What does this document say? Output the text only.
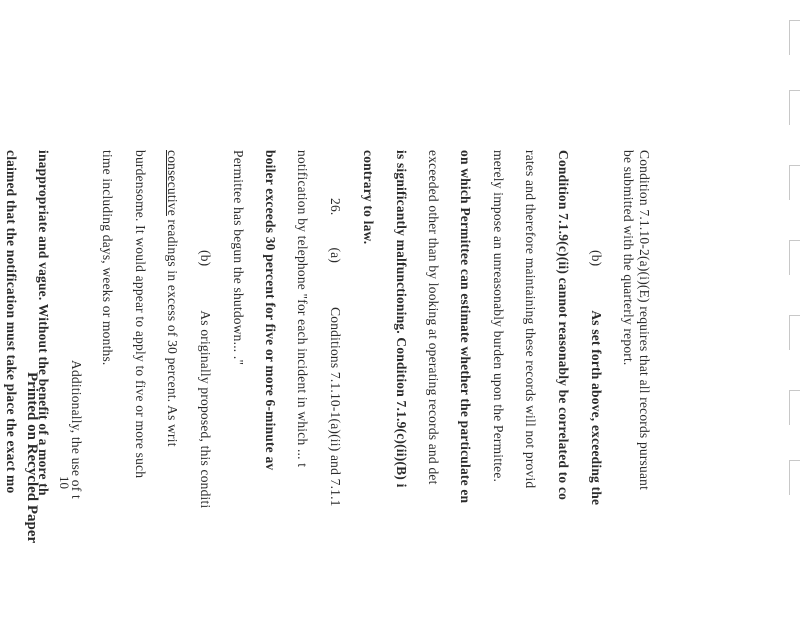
Condition 7.1.10-2(a)(i)(E) requires that all records pursuant
be submitted with the quarterly report.
(b)As set forth above, exceeding the
Condition 7.1.9(c)(ii) cannot reasonably be correlated to co
rates and therefore maintaining these records will not provid
merely impose an unreasonably burden upon the Permittee.
on which Permittee can estimate whether the particulate en
exceeded other than by looking at operating records and det
is significantly malfunctioning. Condition 7.1.9(c)(ii)(B) i
contrary to law.
26.(a)Conditions 7.1.10-1(a)(ii) and 7.1.1
notification by telephone "for each incident in which ... t
boiler exceeds 30 percent for five or more 6-minute av
Permittee has begun the shutdown... ."
(b)As originally proposed, this conditi
consecutive readings in excess of 30 percent. As writ
burdensome. It would appear to apply to five or more such
time including days, weeks or months.
Additionally, the use of t
inappropriate and vague. Without the benefit of a more th
claimed that the notification must take place the exact mo	10
Printed on Recycled Paper
